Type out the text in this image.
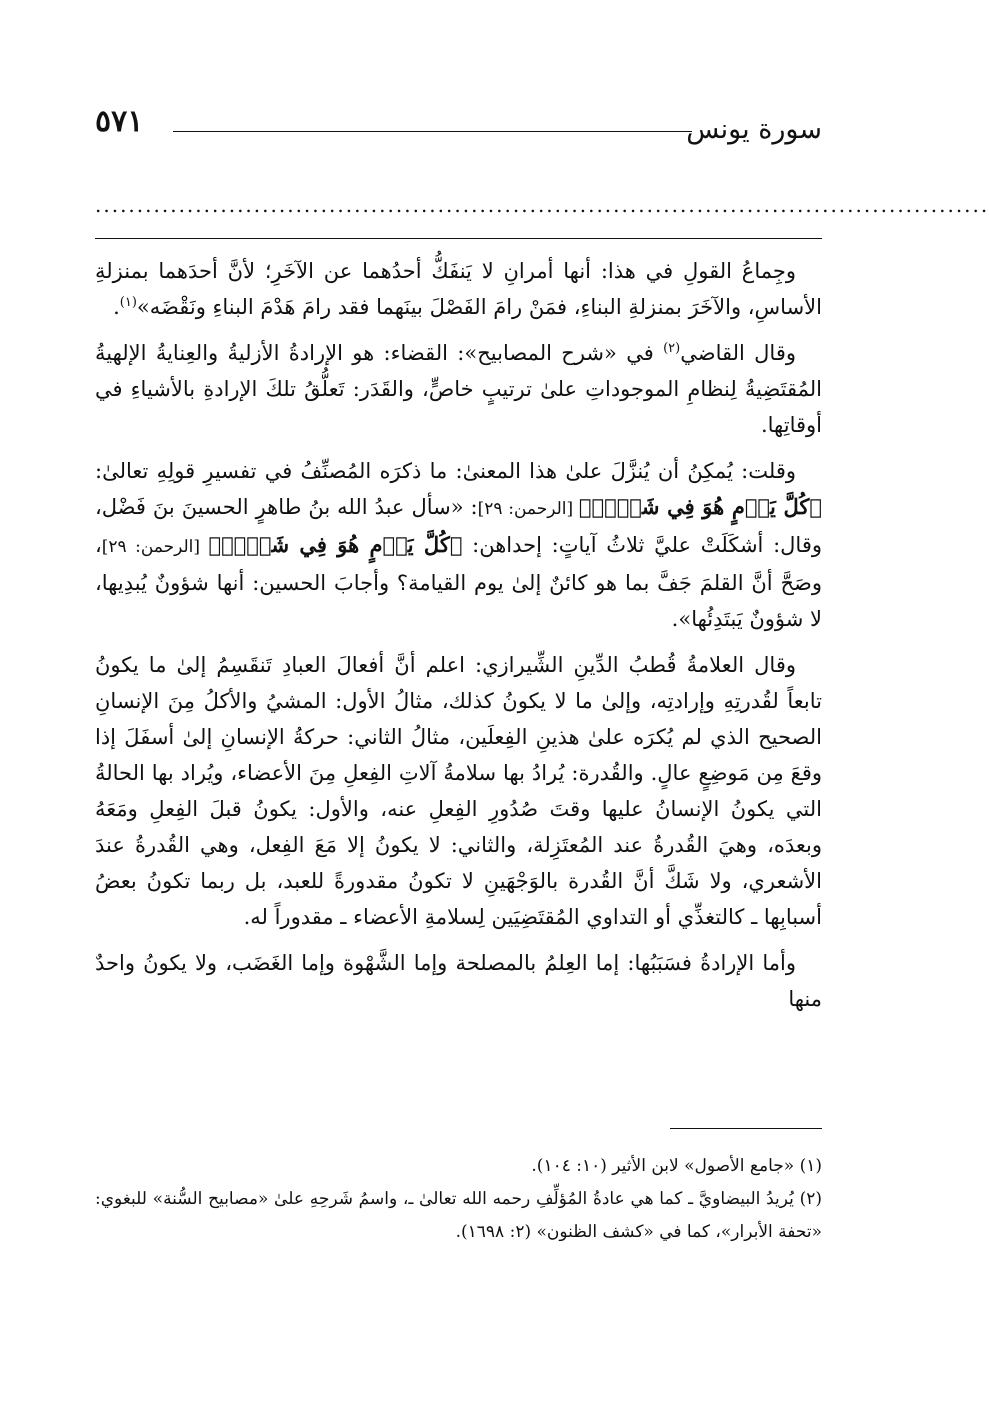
سورة يونس
٥٧١
...........................................................................................................

وجِماعُ القولِ في هذا: أنها أمرانِ لا يَنفَكُّ أحدُهما عن الآخَرِ؛ لأنَّ أحدَهما بمنزلةِ الأساسِ، والآخَرَ بمنزلةِ البناءِ، فمَنْ رامَ الفَصْلَ بينَهما فقد رامَ هَدْمَ البناءِ ونَقْضَه»$^{(١)}$.

وقال القاضي$^{(٢)}$ في «شرح المصابيح»: القضاء: هو الإرادةُ الأزليةُ والعِنايةُ الإلهيةُ المُقتَضِيةُ لِنظامِ الموجوداتِ علىٰ ترتيبٍ خاصٍّ، والقَدَر: تَعلُّقُ تلكَ الإرادةِ بالأشياءِ في أوقاتِها.

وقلت: يُمكِنُ أن يُنزَّلَ علىٰ هذا المعنىٰ: ما ذكرَه المُصنِّفُ في تفسيرِ قولِهِ تعالىٰ: ﴿كُلَّ يَوۡمٍ هُوَ فِي شَأۡنٖ﴾ [الرحمن: ٢٩]: «سأل عبدُ الله بنُ طاهرٍ الحسينَ بنَ فَضْل، وقال: أشكَلَتْ عليَّ ثلاثُ آياتٍ: إحداهن: ﴿كُلَّ يَوۡمٍ هُوَ فِي شَأۡنٖ﴾ [الرحمن: ٢٩]، وصَحَّ أنَّ القلمَ جَفَّ بما هو كائنٌ إلىٰ يوم القيامة؟ وأجابَ الحسين: أنها شؤونٌ يُبدِيها، لا شؤونٌ يَبتَدِئُها».

وقال العلامةُ قُطبُ الدِّينِ الشِّيرازي: اعلم أنَّ أفعالَ العبادِ تَنقَسِمُ إلىٰ ما يكونُ تابعاً لقُدرتِهِ وإرادتِه، وإلىٰ ما لا يكونُ كذلك، مثالُ الأول: المشيُ والأكلُ مِنَ الإنسانِ الصحيح الذي لم يُكرَه علىٰ هذينِ الفِعلَين، مثالُ الثاني: حركةُ الإنسانِ إلىٰ أسفَلَ إذا وقعَ مِن مَوضِعٍ عالٍ. والقُدرة: يُرادُ بها سلامةُ آلاتِ الفِعلِ مِنَ الأعضاء، ويُراد بها الحالةُ التي يكونُ الإنسانُ عليها وقتَ صُدُورِ الفِعلِ عنه، والأول: يكونُ قبلَ الفِعلِ ومَعَهُ وبعدَه، وهيَ القُدرةُ عند المُعتَزِلة، والثاني: لا يكونُ إلا مَعَ الفِعل، وهي القُدرةُ عندَ الأشعري، ولا شَكَّ أنَّ القُدرة بالوَجْهَينِ لا تكونُ مقدورةً للعبد، بل ربما تكونُ بعضُ أسبابِها ـ كالتغذِّي أو التداوي المُقتَضِيَين لِسلامةِ الأعضاء ـ مقدوراً له.

وأما الإرادةُ فسَبَبُها: إما العِلمُ بالمصلحة وإما الشَّهْوة وإما الغَضَب، ولا يكونُ واحدٌ منها

(١) «جامع الأصول» لابن الأثير (١٠: ١٠٤).

(٢) يُريدُ البيضاويَّ ـ كما هي عادةُ المُؤلِّفِ رحمه الله تعالىٰ ـ، واسمُ شَرحِهِ علىٰ «مصابيح السُّنة» للبغوي: «تحفة الأبرار»، كما في «كشف الظنون» (٢: ١٦٩٨).
